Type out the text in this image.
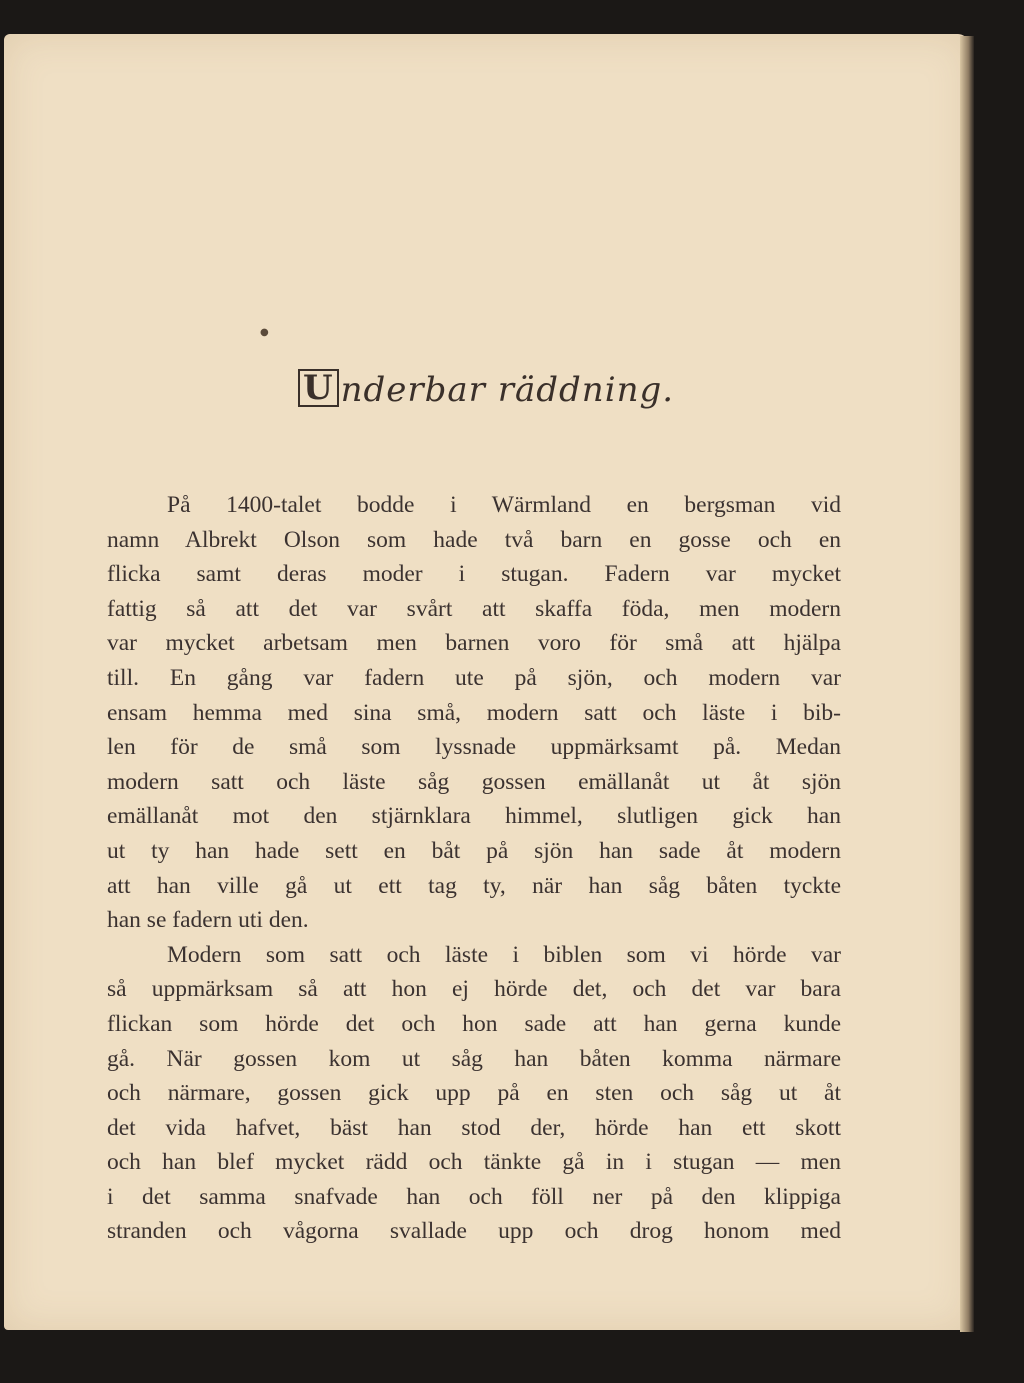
●
U nderbar räddning.

På 1400-talet bodde i Wärmland en bergsman vid
namn Albrekt Olson som hade två barn en gosse och en
flicka samt deras moder i stugan. Fadern var mycket
fattig så att det var svårt att skaffa föda, men modern
var mycket arbetsam men barnen voro för små att hjälpa
till. En gång var fadern ute på sjön, och modern var
ensam hemma med sina små, modern satt och läste i bib-
len för de små som lyssnade uppmärksamt på. Medan
modern satt och läste såg gossen emällanåt ut åt sjön
emällanåt mot den stjärnklara himmel, slutligen gick han
ut ty han hade sett en båt på sjön han sade åt modern
att han ville gå ut ett tag ty, när han såg båten tyckte
han se fadern uti den.

Modern som satt och läste i biblen som vi hörde var
så uppmärksam så att hon ej hörde det, och det var bara
flickan som hörde det och hon sade att han gerna kunde
gå. När gossen kom ut såg han båten komma närmare
och närmare, gossen gick upp på en sten och såg ut åt
det vida hafvet, bäst han stod der, hörde han ett skott
och han blef mycket rädd och tänkte gå in i stugan — men
i det samma snafvade han och föll ner på den klippiga
stranden och vågorna svallade upp och drog honom med
